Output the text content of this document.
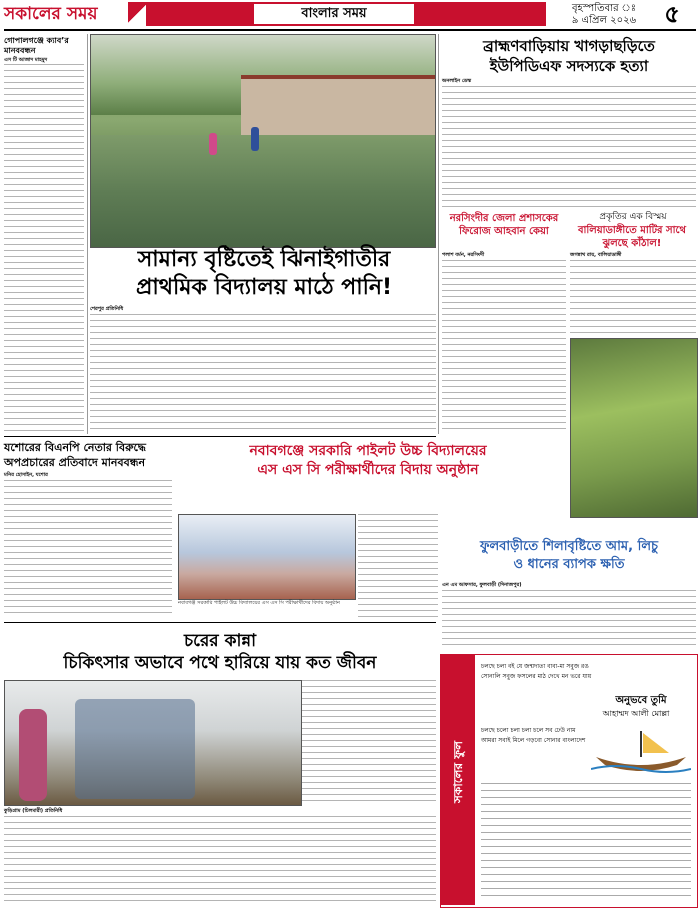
সকালের সময়	বাংলার সময়	বৃহস্পতিবার ঃ
৯ এপ্রিল ২০২৬	৫
গোপালগঞ্জে ক্যাব’র মানববন্ধন
এস টি আজাদ মাহমুদ
সামান্য বৃষ্টিতেই ঝিনাইগাতীর
প্রাথমিক বিদ্যালয় মাঠে পানি!
শেরপুর প্রতিনিধি
ব্রাহ্মণবাড়িয়ায় খাগড়াছড়িতে
ইউপিডিএফ সদস্যকে হত্যা
অনলাইন ডেস্ক
নরসিংদীর জেলা প্রশাসকের ফিরোজ আহবান কেয়া
পলাশ বর্মন, নরসিংদী
প্রকৃতির এক বিস্ময়
বালিয়াডাঙ্গীতে মাটির সাথে
ঝুলছে কাঁঠাল!
জগন্নাথ রায়, বালিয়াডাঙ্গী
যশোরের বিএনপি নেতার বিরুদ্ধে
অপপ্রচারের প্রতিবাদে মানববন্ধন
মনির হোসাইন, যশোর
নবাবগঞ্জে সরকারি পাইলট উচ্চ বিদ্যালয়ের
এস এস সি পরীক্ষার্থীদের বিদায় অনুষ্ঠান
নবাবগঞ্জ সরকারি পাইলট উচ্চ বিদ্যালয়ের এস এস সি পরীক্ষার্থীদের বিদায় অনুষ্ঠান
ফুলবাড়ীতে শিলাবৃষ্টিতে আম, লিচু
ও ধানের ব্যাপক ক্ষতি
এন এম আফসার, ফুলবাড়ী (দিনাজপুর)
চরের কান্না
চিকিৎসার অভাবে পথে হারিয়ে যায় কত জীবন
কুড়িগ্রাম (চিলমারী) প্রতিনিধি
সকালের ফুল
চলছে চলা বই যে জন্মদাতা বাবা-মা সবুজ রঙ
সোনালি সবুজ ফসলের মাঠ দেখে মন ভরে যায়
অনুভবে তুমি
আহাম্মদ আলী মোল্লা
চলছে চলো চলা চলা চলে সব ঢেউ নাম
আমরা সবাই মিলে গড়বো সোনার বাংলাদেশ
